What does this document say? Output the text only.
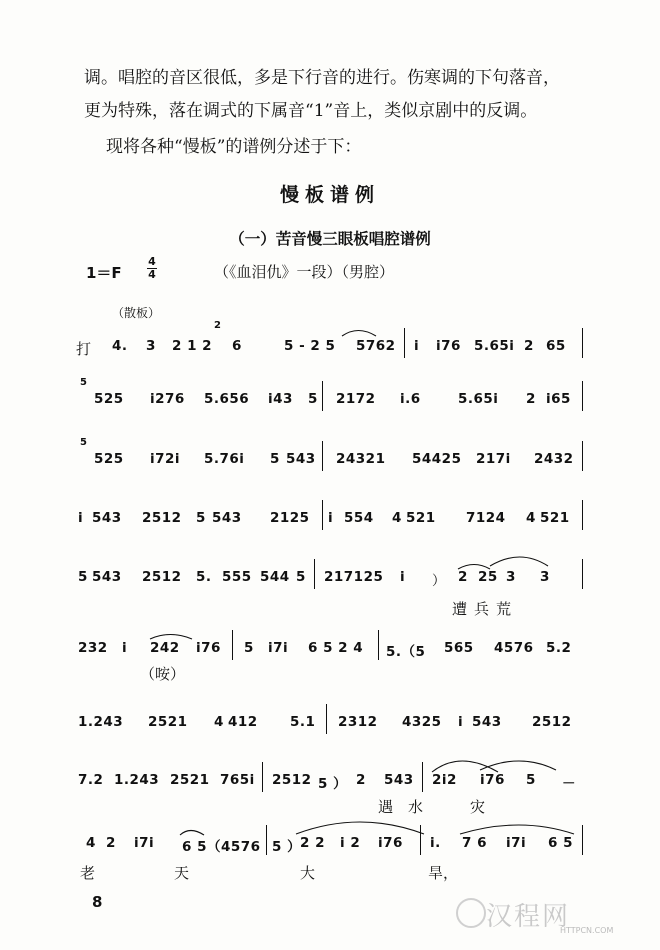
调。唱腔的音区很低，多是下行音的进行。伤寒调的下句落音，
更为特殊，落在调式的下属音“1”音上，类似京剧中的反调。
现将各种“慢板”的谱例分述于下：
慢板谱例
（一）苦音慢三眼板唱腔谱例
1＝F
4
4	（《血泪仇》一段）（男腔）
（散板）
打 4. 3 2 1 2
2
6	5 - 2 5 5762 i i76 5.65i 2 65
5
525 i276 5.656 i43 5 2172 i.6	5.65i 2 i65
5
525 i72i 5.76i 5 543 24321 54425 217i 2432
i 543 2512 5 543 2125 i 554 4 521 7124 4 521
5 543 2512 5. 555 544 5 217125 i ） 2 25 3 3
遭 兵 荒
232 i 242 i76 5 i7i 6 5 2 4 5.（5 565 4576 5.2
（咹）
1.243 2521 4 412 5.1 2312 4325 i 543 2512
7.2 1.243 2521 765i 2512 5 ） 2 543 2i2 i76 5 －
遇 水	灾
4 2 i7i 6 5（4576 5 ）
2 2 i 2 i76 i. 7 6 i7i 6 5
老	天	大	旱，
8	汉程网
HTTPCN.COM
